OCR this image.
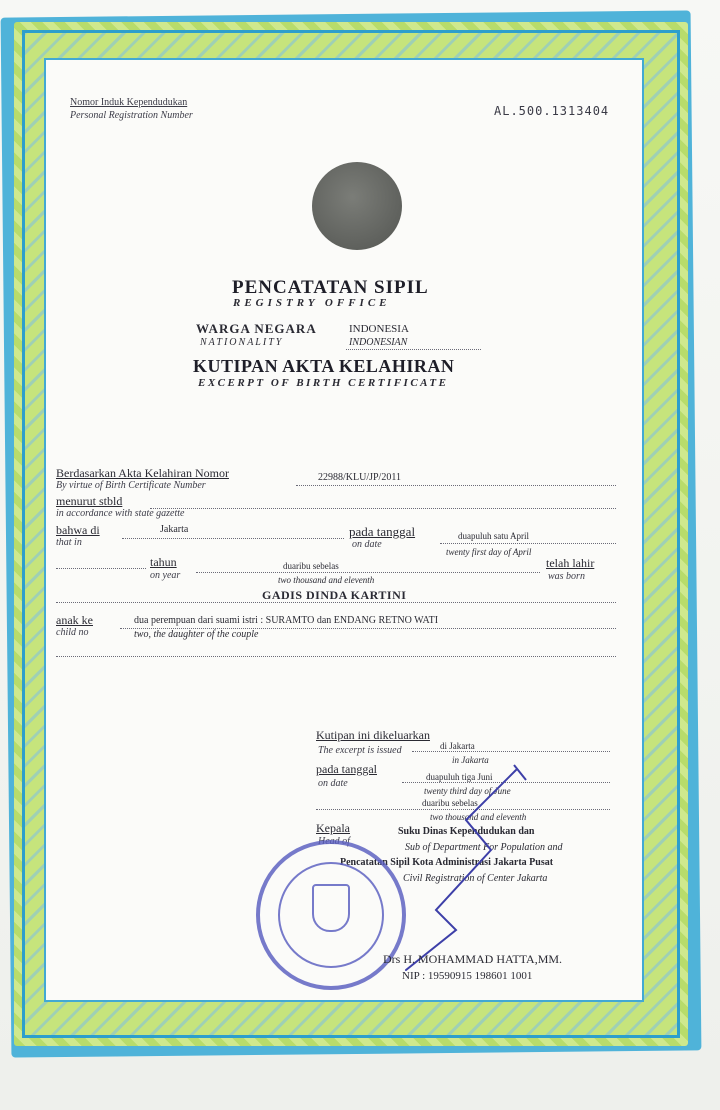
Nomor Induk Kependudukan
Personal Registration Number	AL.500.1313404
PENCATATAN SIPIL
REGISTRY OFFICE
WARGA NEGARA
NATIONALITY
INDONESIA
INDONESIAN
KUTIPAN AKTA KELAHIRAN
EXCERPT OF BIRTH CERTIFICATE
Berdasarkan Akta Kelahiran Nomor
By virtue of Birth Certificate Number
22988/KLU/JP/2011
menurut stbld
in accordance with state gazette
bahwa di
that in
Jakarta	pada tanggal
on date
duapuluh satu April
twenty first day of April
tahun
on year
duaribu sebelas
two thousand and eleventh
telah lahir
was born
GADIS DINDA KARTINI
anak ke
child no
dua perempuan dari suami istri : SURAMTO dan ENDANG RETNO WATI
two, the daughter of the couple
Kutipan ini dikeluarkan
The excerpt is issued	di Jakarta
in Jakarta
pada tanggal
on date
duapuluh tiga Juni
twenty third day of June
duaribu sebelas
two thousand and eleventh
Kepala
Head of
Suku Dinas Kependudukan dan
Sub of Department For Population and
Pencatatan Sipil Kota Administrasi Jakarta Pusat
Civil Registration of Center Jakarta
Drs H. MOHAMMAD HATTA,MM.
NIP : 19590915 198601 1001
